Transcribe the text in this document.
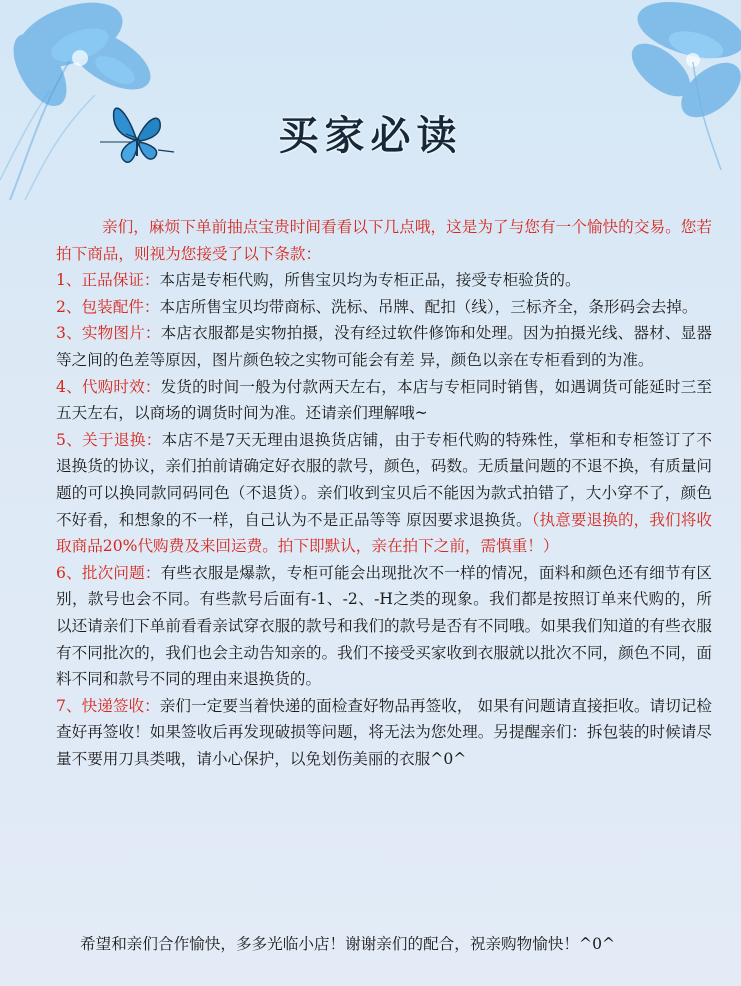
买家必读

亲们，麻烦下单前抽点宝贵时间看看以下几点哦，这是为了与您有一个愉快的交易。您若拍下商品，则视为您接受了以下条款：

1、正品保证：本店是专柜代购，所售宝贝均为专柜正品，接受专柜验货的。

2、包装配件：本店所售宝贝均带商标、洗标、吊牌、配扣（线），三标齐全，条形码会去掉。

3、实物图片：本店衣服都是实物拍摄，没有经过软件修饰和处理。因为拍摄光线、器材、显器等之间的色差等原因，图片颜色较之实物可能会有差 异，颜色以亲在专柜看到的为准。

4、代购时效：发货的时间一般为付款两天左右，本店与专柜同时销售，如遇调货可能延时三至五天左右，以商场的调货时间为准。还请亲们理解哦~

5、关于退换：本店不是7天无理由退换货店铺，由于专柜代购的特殊性，掌柜和专柜签订了不退换货的协议，亲们拍前请确定好衣服的款号，颜色，码数。无质量问题的不退不换，有质量问题的可以换同款同码同色（不退货）。亲们收到宝贝后不能因为款式拍错了，大小穿不了，颜色不好看，和想象的不一样，自己认为不是正品等等 原因要求退换货。（执意要退换的，我们将收取商品20%代购费及来回运费。拍下即默认，亲在拍下之前，需慎重！）

6、批次问题：有些衣服是爆款，专柜可能会出现批次不一样的情况，面料和颜色还有细节有区别，款号也会不同。有些款号后面有-1、-2、-H之类的现象。我们都是按照订单来代购的，所以还请亲们下单前看看亲试穿衣服的款号和我们的款号是否有不同哦。如果我们知道的有些衣服有不同批次的，我们也会主动告知亲的。我们不接受买家收到衣服就以批次不同，颜色不同，面料不同和款号不同的理由来退换货的。

7、快递签收：亲们一定要当着快递的面检查好物品再签收， 如果有问题请直接拒收。请切记检查好再签收！如果签收后再发现破损等问题，将无法为您处理。另提醒亲们：拆包装的时候请尽量不要用刀具类哦，请小心保护，以免划伤美丽的衣服^0^

希望和亲们合作愉快，多多光临小店！谢谢亲们的配合，祝亲购物愉快！^0^
